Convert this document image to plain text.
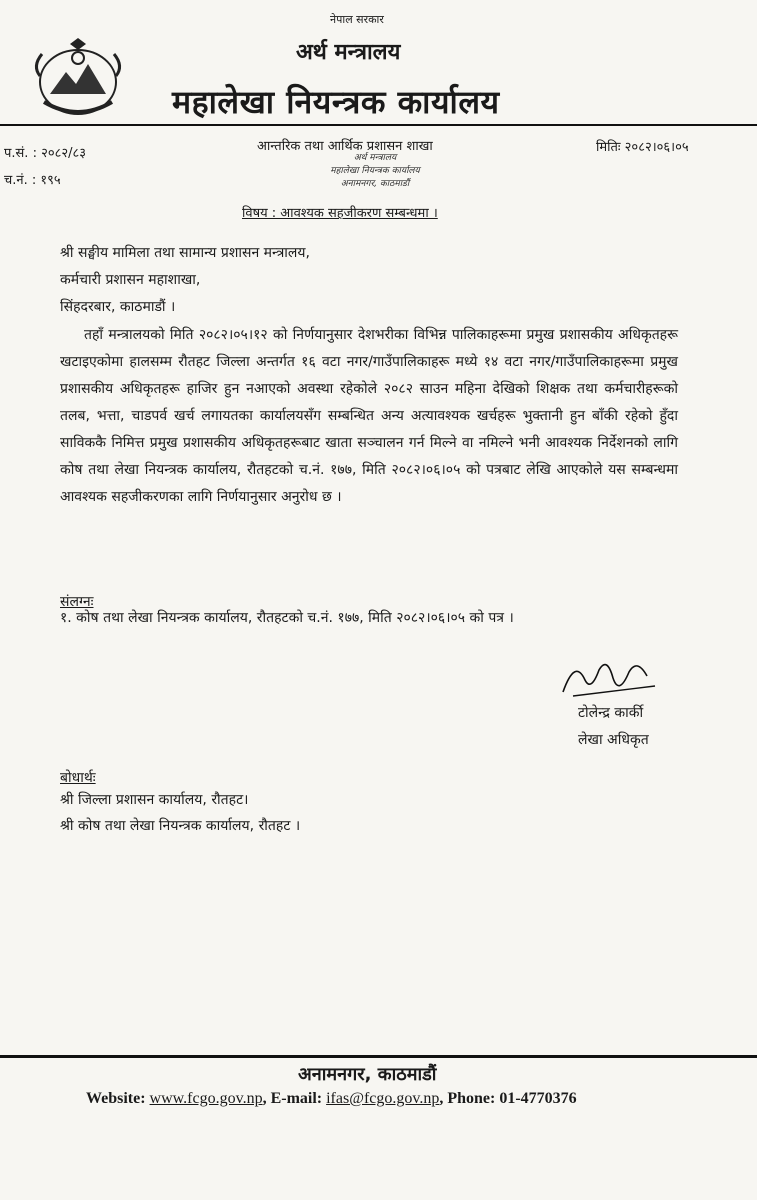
नेपाल सरकार
अर्थ मन्त्रालय
महालेखा नियन्त्रक कार्यालय
प.सं. : २०८२/८३
च.नं. : १९५
आन्तरिक तथा आर्थिक प्रशासन शाखा	मितिः २०८२।०६।०५
अर्थ मन्त्रालय
महालेखा नियन्त्रक कार्यालय
अनामनगर, काठमाडौं
विषय : आवश्यक सहजीकरण सम्बन्धमा ।
श्री सङ्घीय मामिला तथा सामान्य प्रशासन मन्त्रालय,
कर्मचारी प्रशासन महाशाखा,
सिंहदरबार, काठमाडौं ।
तहाँ मन्त्रालयको मिति २०८२।०५।१२ को निर्णयानुसार देशभरीका विभिन्न पालिकाहरूमा प्रमुख प्रशासकीय अधिकृतहरू खटाइएकोमा हालसम्म रौतहट जिल्ला अन्तर्गत १६ वटा नगर/गाउँपालिकाहरू मध्ये १४ वटा नगर/गाउँपालिकाहरूमा प्रमुख प्रशासकीय अधिकृतहरू हाजिर हुन नआएको अवस्था रहेकोले २०८२ साउन महिना देखिको शिक्षक तथा कर्मचारीहरूको तलब, भत्ता, चाडपर्व खर्च लगायतका कार्यालयसँग सम्बन्धित अन्य अत्यावश्यक खर्चहरू भुक्तानी हुन बाँकी रहेको हुँदा साविककै निमित्त प्रमुख प्रशासकीय अधिकृतहरूबाट खाता सञ्चालन गर्न मिल्ने वा नमिल्ने भनी आवश्यक निर्देशनको लागि कोष तथा लेखा नियन्त्रक कार्यालय, रौतहटको च.नं. १७७, मिति २०८२।०६।०५ को पत्रबाट लेखि आएकोले यस सम्बन्धमा आवश्यक सहजीकरणका लागि निर्णयानुसार अनुरोध छ ।
संलग्नः
१. कोष तथा लेखा नियन्त्रक कार्यालय, रौतहटको च.नं. १७७, मिति २०८२।०६।०५ को पत्र ।
टोलेन्द्र कार्की
लेखा अधिकृत
बोधार्थः
श्री जिल्ला प्रशासन कार्यालय, रौतहट।
श्री कोष तथा लेखा नियन्त्रक कार्यालय, रौतहट ।
अनामनगर, काठमाडौं
Website: www.fcgo.gov.np, E-mail: ifas@fcgo.gov.np, Phone: 01-4770376
